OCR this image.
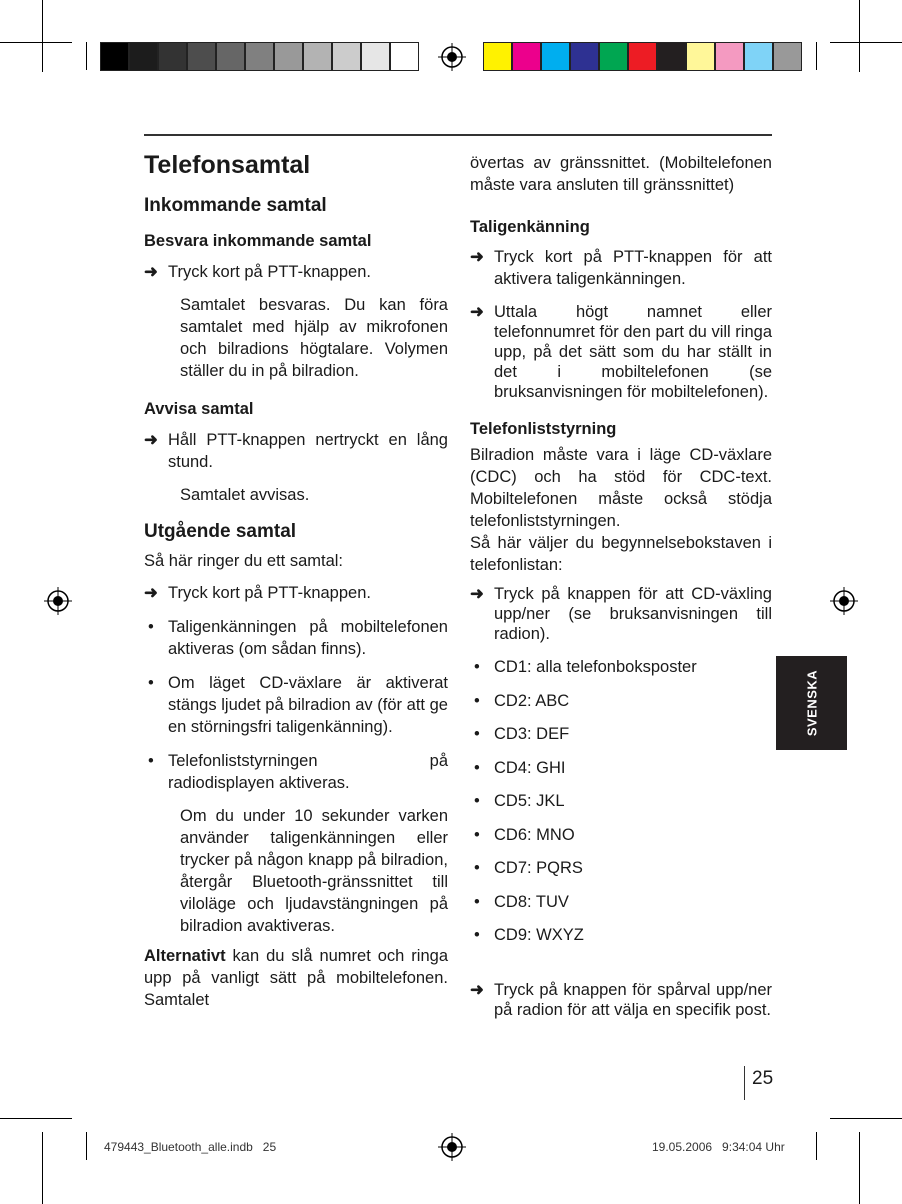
SVENSKA
25
479443_Bluetooth_alle.indb   25	19.05.2006   9:34:04 Uhr
Telefonsamtal
Inkommande samtal
Besvara inkommande samtal
➜ Tryck kort på PTT-knappen.

Samtalet besvaras. Du kan föra samtalet med hjälp av mikrofonen och bilradions högtalare. Volymen ställer du in på bilradion.

Avvisa samtal
➜ Håll PTT-knappen nertryckt en lång stund.

Samtalet avvisas.

Utgående samtal

Så här ringer du ett samtal:

➜ Tryck kort på PTT-knappen.
• Taligenkänningen på mobiltelefonen aktiveras (om sådan finns).
• Om läget CD-växlare är aktiverat stängs ljudet på bilradion av (för att ge en störningsfri taligenkänning).
• Telefonliststyrningen på radiodisplayen aktiveras.

Om du under 10 sekunder varken använder taligenkänningen eller trycker på någon knapp på bilradion, återgår Bluetooth-gränssnittet till viloläge och ljudavstängningen på bilradion avaktiveras.

Alternativt kan du slå numret och ringa upp på vanligt sätt på mobiltelefonen. Samtalet

övertas av gränssnittet. (Mobiltelefonen måste vara ansluten till gränssnittet)

Taligenkänning
➜ Tryck kort på PTT-knappen för att aktivera taligenkänningen.
➜ Uttala högt namnet eller telefonnumret för den part du vill ringa upp, på det sätt som du har ställt in det i mobiltelefonen (se bruksanvisningen för mobiltelefonen).
Telefonliststyrning

Bilradion måste vara i läge CD-växlare (CDC) och ha stöd för CDC-text. Mobiltelefonen måste också stödja telefonliststyrningen.

Så här väljer du begynnelsebokstaven i telefonlistan:

➜ Tryck på knappen för att CD-växling upp/ner (se bruksanvisningen till radion).
• CD1: alla telefonboksposter
• CD2: ABC
• CD3: DEF
• CD4: GHI
• CD5: JKL
• CD6: MNO
• CD7: PQRS
• CD8: TUV
• CD9: WXYZ
➜ Tryck på knappen för spårval upp/ner på radion för att välja en specifik post.
